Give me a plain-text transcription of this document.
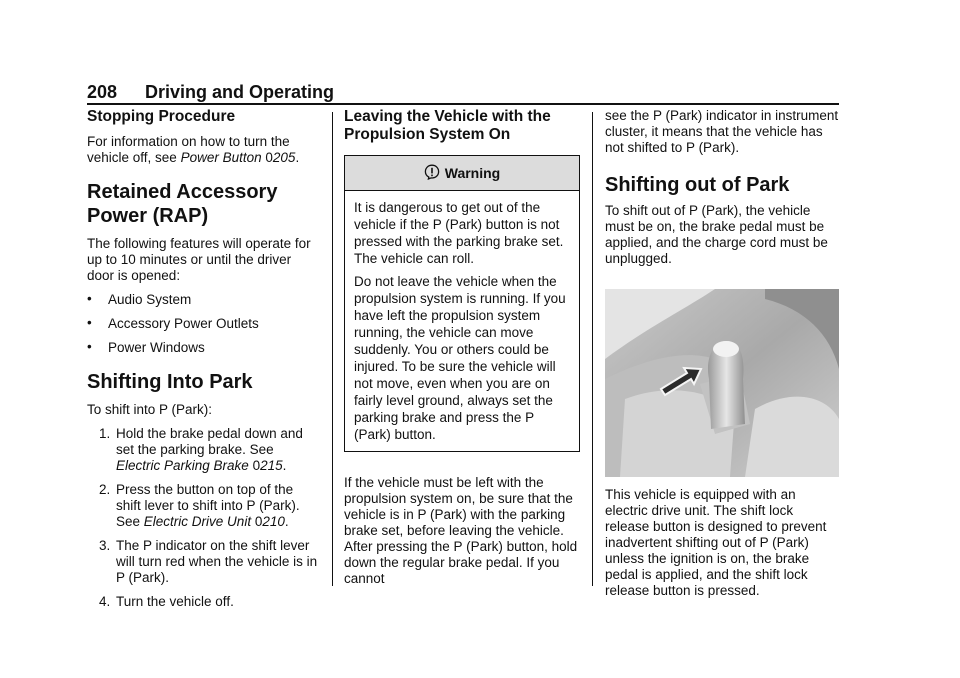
208 Driving and Operating
Stopping Procedure

For information on how to turn the vehicle off, see Power Button 0205.

Retained Accessory
Power (RAP)

The following features will operate for up to 10 minutes or until the driver door is opened:

• Audio System
• Accessory Power Outlets
• Power Windows
Shifting Into Park

To shift into P (Park):

1. Hold the brake pedal down and set the parking brake. See Electric Parking Brake 0215.
2. Press the button on top of the shift lever to shift into P (Park). See Electric Drive Unit 0210.
3. The P indicator on the shift lever will turn red when the vehicle is in P (Park).
4. Turn the vehicle off.
Leaving the Vehicle with the
Propulsion System On
Warning

It is dangerous to get out of the vehicle if the P (Park) button is not pressed with the parking brake set. The vehicle can roll.

Do not leave the vehicle when the propulsion system is running. If you have left the propulsion system running, the vehicle can move suddenly. You or others could be injured. To be sure the vehicle will not move, even when you are on fairly level ground, always set the parking brake and press the P (Park) button.

If the vehicle must be left with the propulsion system on, be sure that the vehicle is in P (Park) with the parking brake set, before leaving the vehicle. After pressing the P (Park) button, hold down the regular brake pedal. If you cannot

see the P (Park) indicator in instrument cluster, it means that the vehicle has not shifted to P (Park).

Shifting out of Park

To shift out of P (Park), the vehicle must be on, the brake pedal must be applied, and the charge cord must be unplugged.

This vehicle is equipped with an electric drive unit. The shift lock release button is designed to prevent inadvertent shifting out of P (Park) unless the ignition is on, the brake pedal is applied, and the shift lock release button is pressed.
